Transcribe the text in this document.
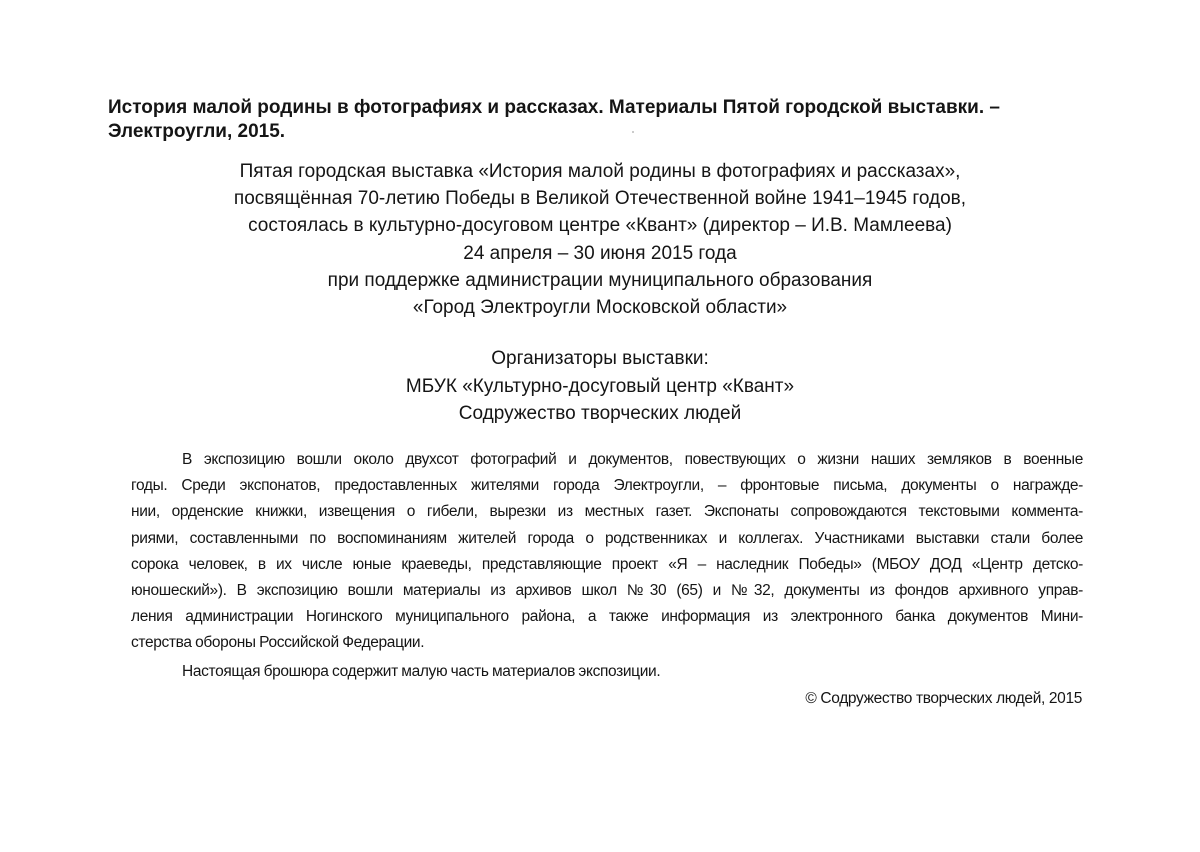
История малой родины в фотографиях и рассказах. Материалы Пятой городской выставки. –
Электроугли, 2015.
Пятая городская выставка «История малой родины в фотографиях и рассказах»,
посвящённая 70-летию Победы в Великой Отечественной войне 1941–1945 годов,
состоялась в культурно-досуговом центре «Квант» (директор – И.В. Мамлеева)
24 апреля – 30 июня 2015 года
при поддержке администрации муниципального образования
«Город Электроугли Московской области»
Организаторы выставки:
МБУК «Культурно-досуговый центр «Квант»
Содружество творческих людей
В экспозицию вошли около двухсот фотографий и документов, повествующих о жизни наших земляков в военные
годы. Среди экспонатов, предоставленных жителями города Электроугли, – фронтовые письма, документы о награжде-
нии, орденские книжки, извещения о гибели, вырезки из местных газет. Экспонаты сопровождаются текстовыми коммента-
риями, составленными по воспоминаниям жителей города о родственниках и коллегах. Участниками выставки стали более
сорока человек, в их числе юные краеведы, представляющие проект «Я – наследник Победы» (МБОУ ДОД «Центр детско-
юношеский»). В экспозицию вошли материалы из архивов школ №30 (65) и №32, документы из фондов архивного управ-
ления администрации Ногинского муниципального района, а также информация из электронного банка документов Мини-
стерства обороны Российской Федерации.
Настоящая брошюра содержит малую часть материалов экспозиции.
© Содружество творческих людей, 2015
